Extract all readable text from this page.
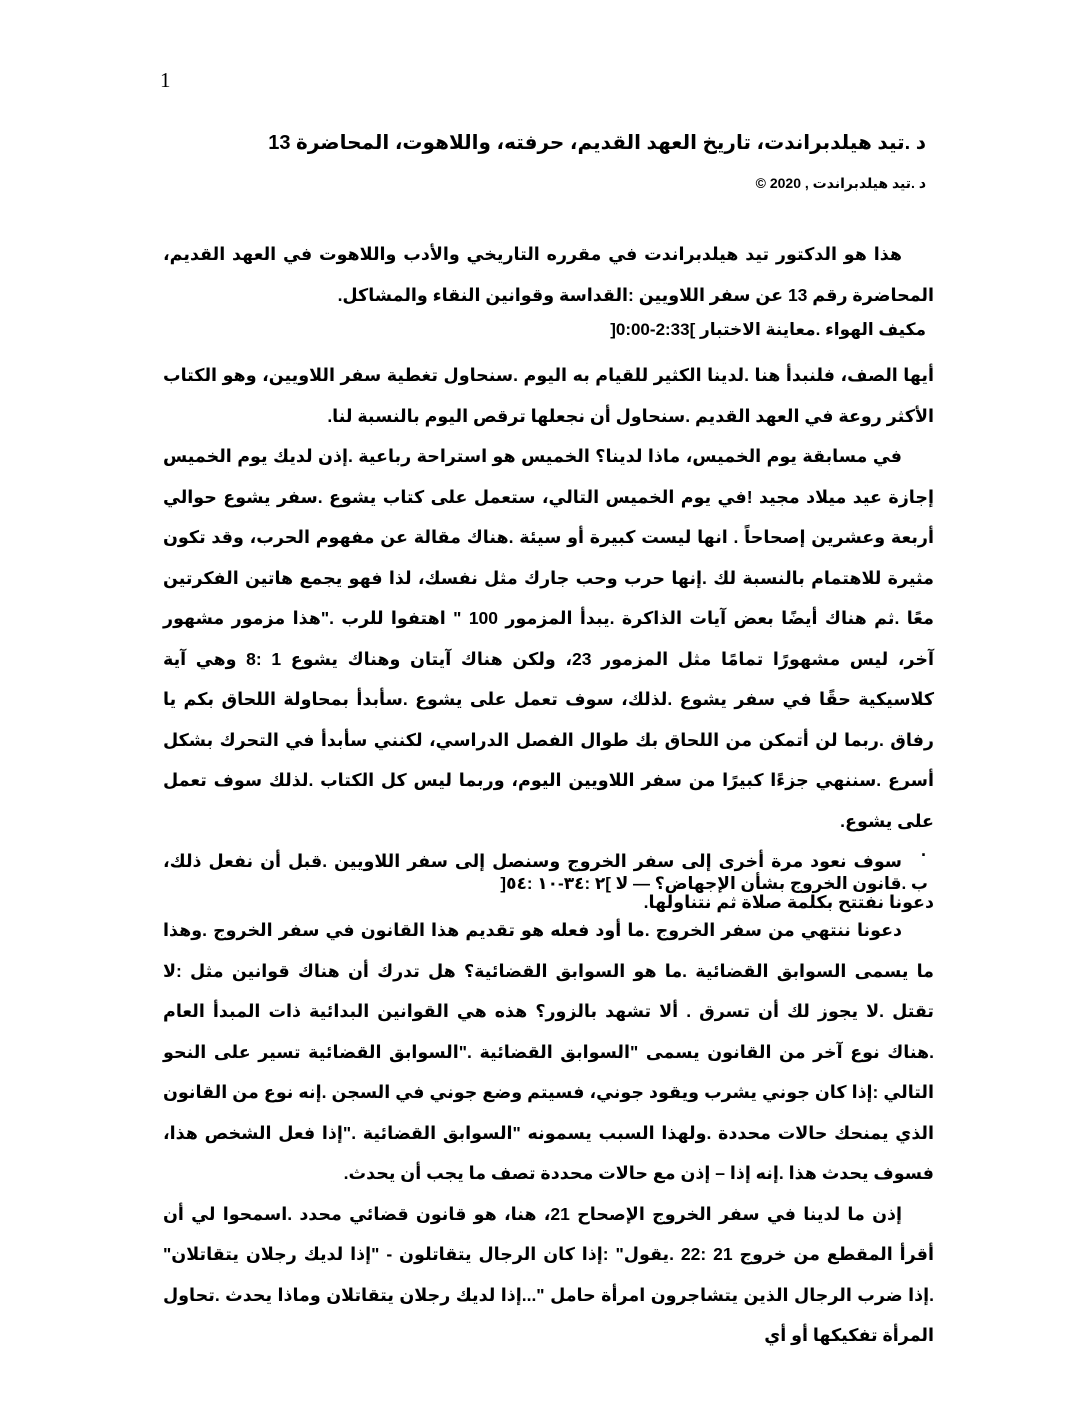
1
د .تيد هيلدبراندت، تاريخ العهد القديم، حرفته، واللاهوت، المحاضرة 13
د .تيد هيلدبراندت , 2020 ©

هذا هو الدكتور تيد هيلدبراندت في مقرره التاريخي والأدب واللاهوت في العهد القديم، المحاضرة رقم 13 عن سفر اللاويين :القداسة وقوانين النقاء والمشاكل.

مكيف الهواء .معاينة الاختبار ]2:33-0:00[

أيها الصف، فلنبدأ هنا .لدينا الكثير للقيام به اليوم .سنحاول تغطية سفر اللاويين، وهو الكتاب الأكثر روعة في العهد القديم .سنحاول أن نجعلها ترقص اليوم بالنسبة لنا.

في مسابقة يوم الخميس، ماذا لدينا؟ الخميس هو استراحة رباعية .إذن لديك يوم الخميس إجازة عيد ميلاد مجيد !في يوم الخميس التالي، ستعمل على كتاب يشوع .سفر يشوع حوالي أربعة وعشرين إصحاحاً . انها ليست كبيرة أو سيئة .هناك مقالة عن مفهوم الحرب، وقد تكون مثيرة للاهتمام بالنسبة لك .إنها حرب وحب جارك مثل نفسك، لذا فهو يجمع هاتين الفكرتين معًا .ثم هناك أيضًا بعض آيات الذاكرة .يبدأ المزمور 100 " اهتفوا للرب ."هذا مزمور مشهور آخر، ليس مشهورًا تمامًا مثل المزمور 23، ولكن هناك آيتان وهناك يشوع 1 :8 وهي آية كلاسيكية حقًا في سفر يشوع .لذلك، سوف تعمل على يشوع .سأبدأ بمحاولة اللحاق بكم يا رفاق .ربما لن أتمكن من اللحاق بك طوال الفصل الدراسي، لكنني سأبدأ في التحرك بشكل أسرع .سننهي جزءًا كبيرًا من سفر اللاويين اليوم، وربما ليس كل الكتاب .لذلك سوف تعمل على يشوع.

سوف نعود مرة أخرى إلى سفر الخروج وسنصل إلى سفر اللاويين .قبل أن نفعل ذلك، دعونا نفتتح بكلمة صلاة ثم نتناولها.

.
ب .قانون الخروج بشأن الإجهاض؟ — لا ]٢ :٣٤-١٠ :٥٤[

دعونا ننتهي من سفر الخروج .ما أود فعله هو تقديم هذا القانون في سفر الخروج .وهذا ما يسمى السوابق القضائية .ما هو السوابق القضائية؟ هل تدرك أن هناك قوانين مثل :لا تقتل .لا يجوز لك أن تسرق . ألا تشهد بالزور؟ هذه هي القوانين البدائية ذات المبدأ العام .هناك نوع آخر من القانون يسمى "السوابق القضائية ."السوابق القضائية تسير على النحو التالي :إذا كان جوني يشرب ويقود جوني، فسيتم وضع جوني في السجن .إنه نوع من القانون الذي يمنحك حالات محددة .ولهذا السبب يسمونه "السوابق القضائية ."إذا فعل الشخص هذا، فسوف يحدث هذا .إنه إذا – إذن مع حالات محددة تصف ما يجب أن يحدث.

إذن ما لدينا في سفر الخروج الإصحاح 21، هنا، هو قانون قضائي محدد .اسمحوا لي أن أقرأ المقطع من خروج 21 :22 .يقول" :إذا كان الرجال يتقاتلون - "إذا لديك رجلان يتقاتلان" .إذا ضرب الرجال الذين يتشاجرون امرأة حامل "...إذا لديك رجلان يتقاتلان وماذا يحدث .تحاول المرأة تفكيكها أو أي
